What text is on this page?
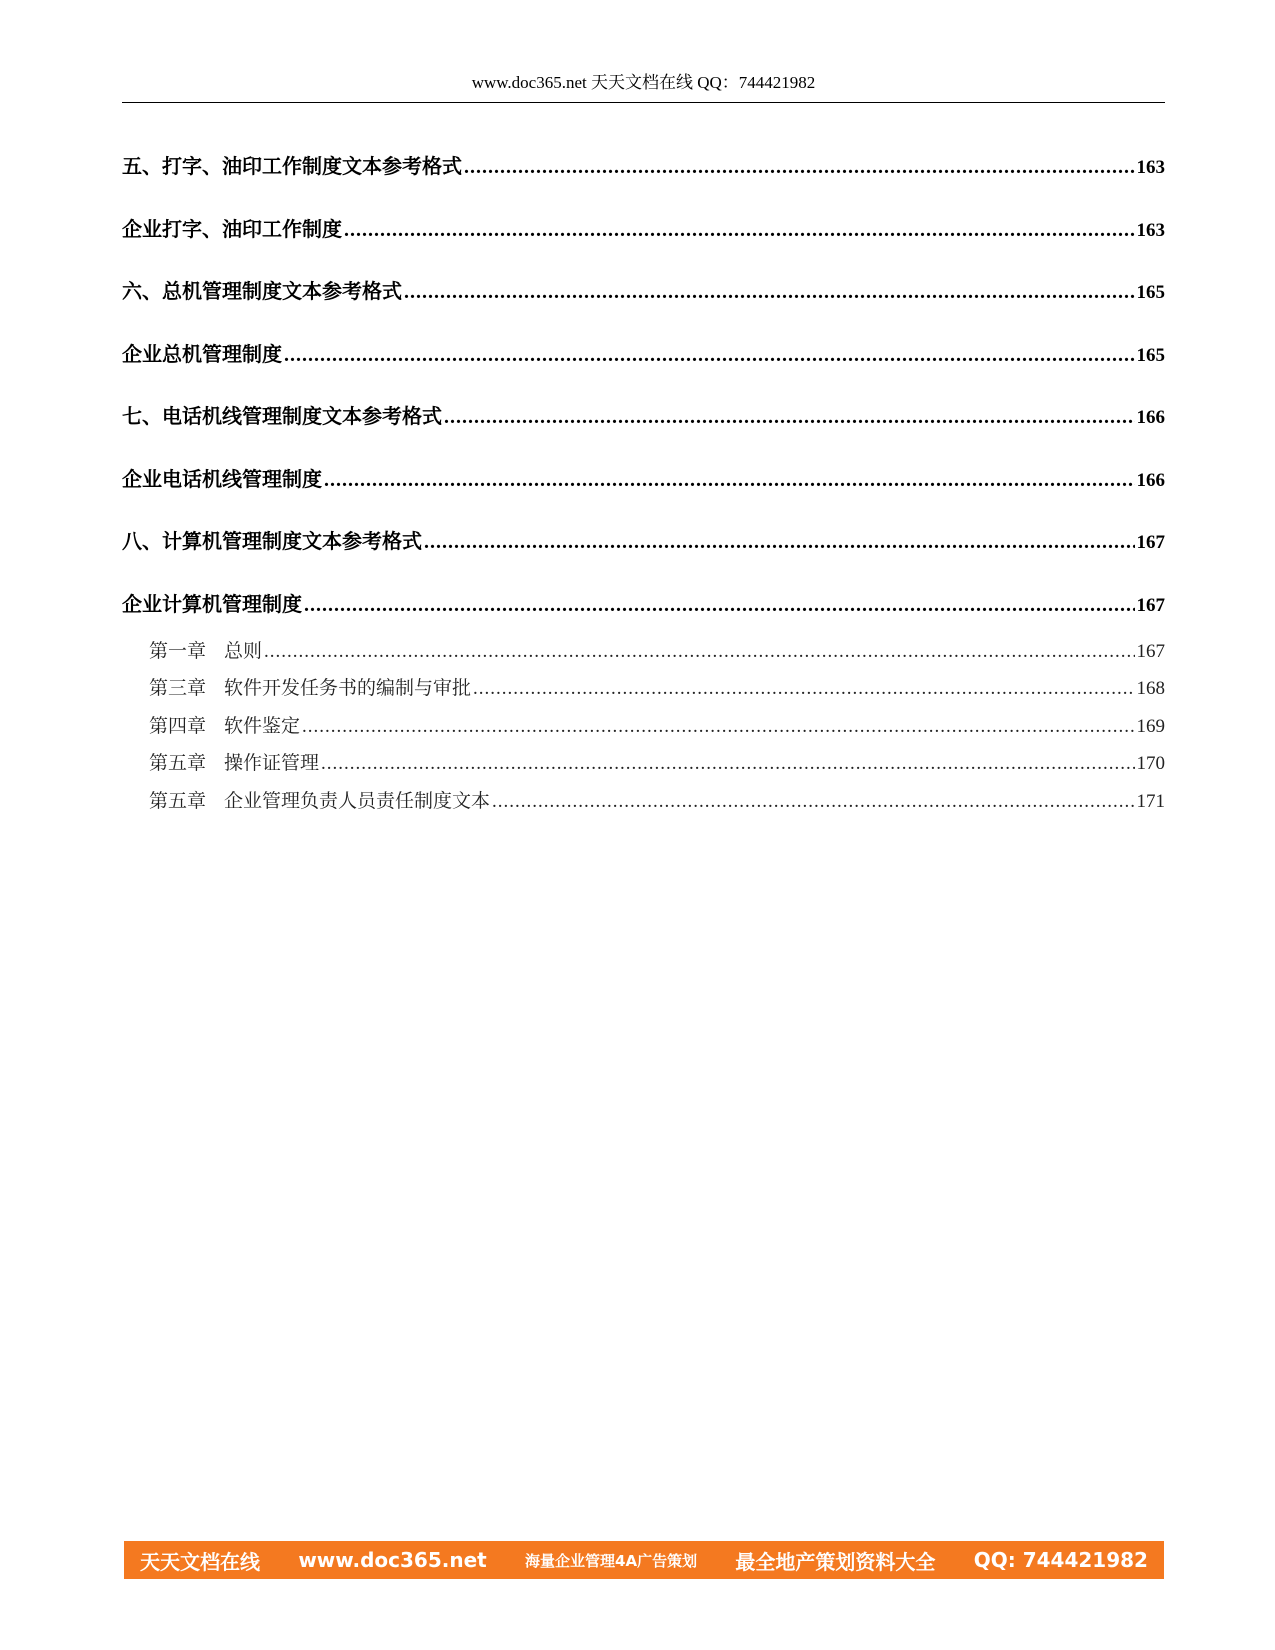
www.doc365.net 天天文档在线 QQ：744421982
五、打字、油印工作制度文本参考格式 .....	163
企业打字、油印工作制度 .....	163
六、总机管理制度文本参考格式 .....	165
企业总机管理制度 .....	165
七、电话机线管理制度文本参考格式 .....	166
企业电话机线管理制度 .....	166
八、计算机管理制度文本参考格式 .....	167
企业计算机管理制度 .....	167
第一章 总则 .....	167
第三章 软件开发任务书的编制与审批 .....	168
第四章 软件鉴定 .....	169
第五章 操作证管理 .....	170
第五章 企业管理负责人员责任制度文本 .....	171
天天文档在线 www.doc365.net	海量企业管理4A广告策划 最全地产策划资料大全 QQ: 744421982
